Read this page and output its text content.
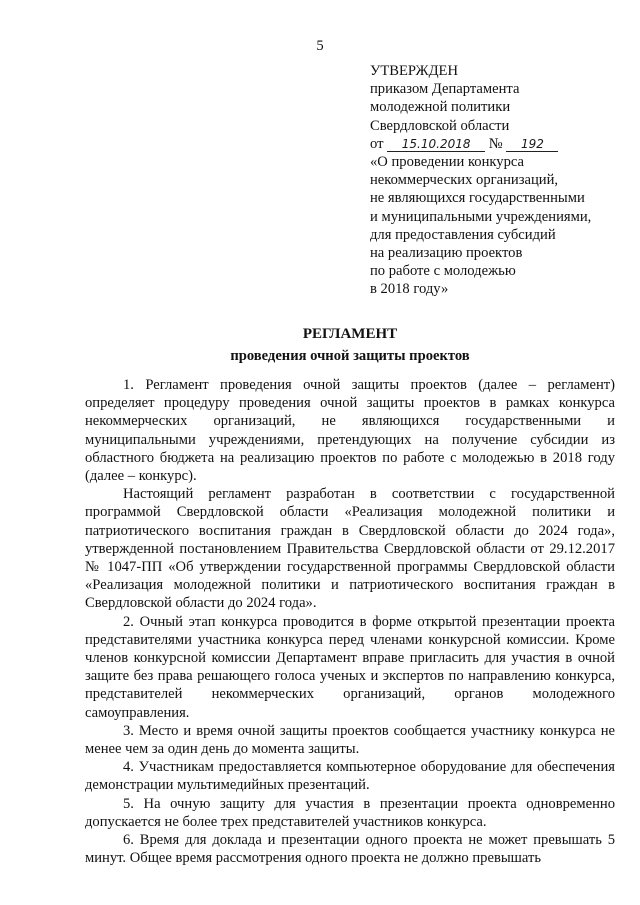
5
УТВЕРЖДЕН
приказом Департамента
молодежной политики
Свердловской области
от 15.10.2018 № 192
«О проведении конкурса
некоммерческих организаций,
не являющихся государственными
и муниципальными учреждениями,
для предоставления субсидий
на реализацию проектов
по работе с молодежью
в 2018 году»
РЕГЛАМЕНТ
проведения очной защиты проектов

1. Регламент проведения очной защиты проектов (далее – регламент) определяет процедуру проведения очной защиты проектов в рамках конкурса некоммерческих организаций, не являющихся государственными и муниципальными учреждениями, претендующих на получение субсидии из областного бюджета на реализацию проектов по работе с молодежью в 2018 году (далее – конкурс).

Настоящий регламент разработан в соответствии с государственной программой Свердловской области «Реализация молодежной политики и патриотического воспитания граждан в Свердловской области до 2024 года», утвержденной постановлением Правительства Свердловской области от 29.12.2017 № 1047-ПП «Об утверждении государственной программы Свердловской области «Реализация молодежной политики и патриотического воспитания граждан в Свердловской области до 2024 года».

2. Очный этап конкурса проводится в форме открытой презентации проекта представителями участника конкурса перед членами конкурсной комиссии. Кроме членов конкурсной комиссии Департамент вправе пригласить для участия в очной защите без права решающего голоса ученых и экспертов по направлению конкурса, представителей некоммерческих организаций, органов молодежного самоуправления.

3. Место и время очной защиты проектов сообщается участнику конкурса не менее чем за один день до момента защиты.

4. Участникам предоставляется компьютерное оборудование для обеспечения демонстрации мультимедийных презентаций.

5. На очную защиту для участия в презентации проекта одновременно допускается не более трех представителей участников конкурса.

6. Время для доклада и презентации одного проекта не может превышать 5 минут. Общее время рассмотрения одного проекта не должно превышать
